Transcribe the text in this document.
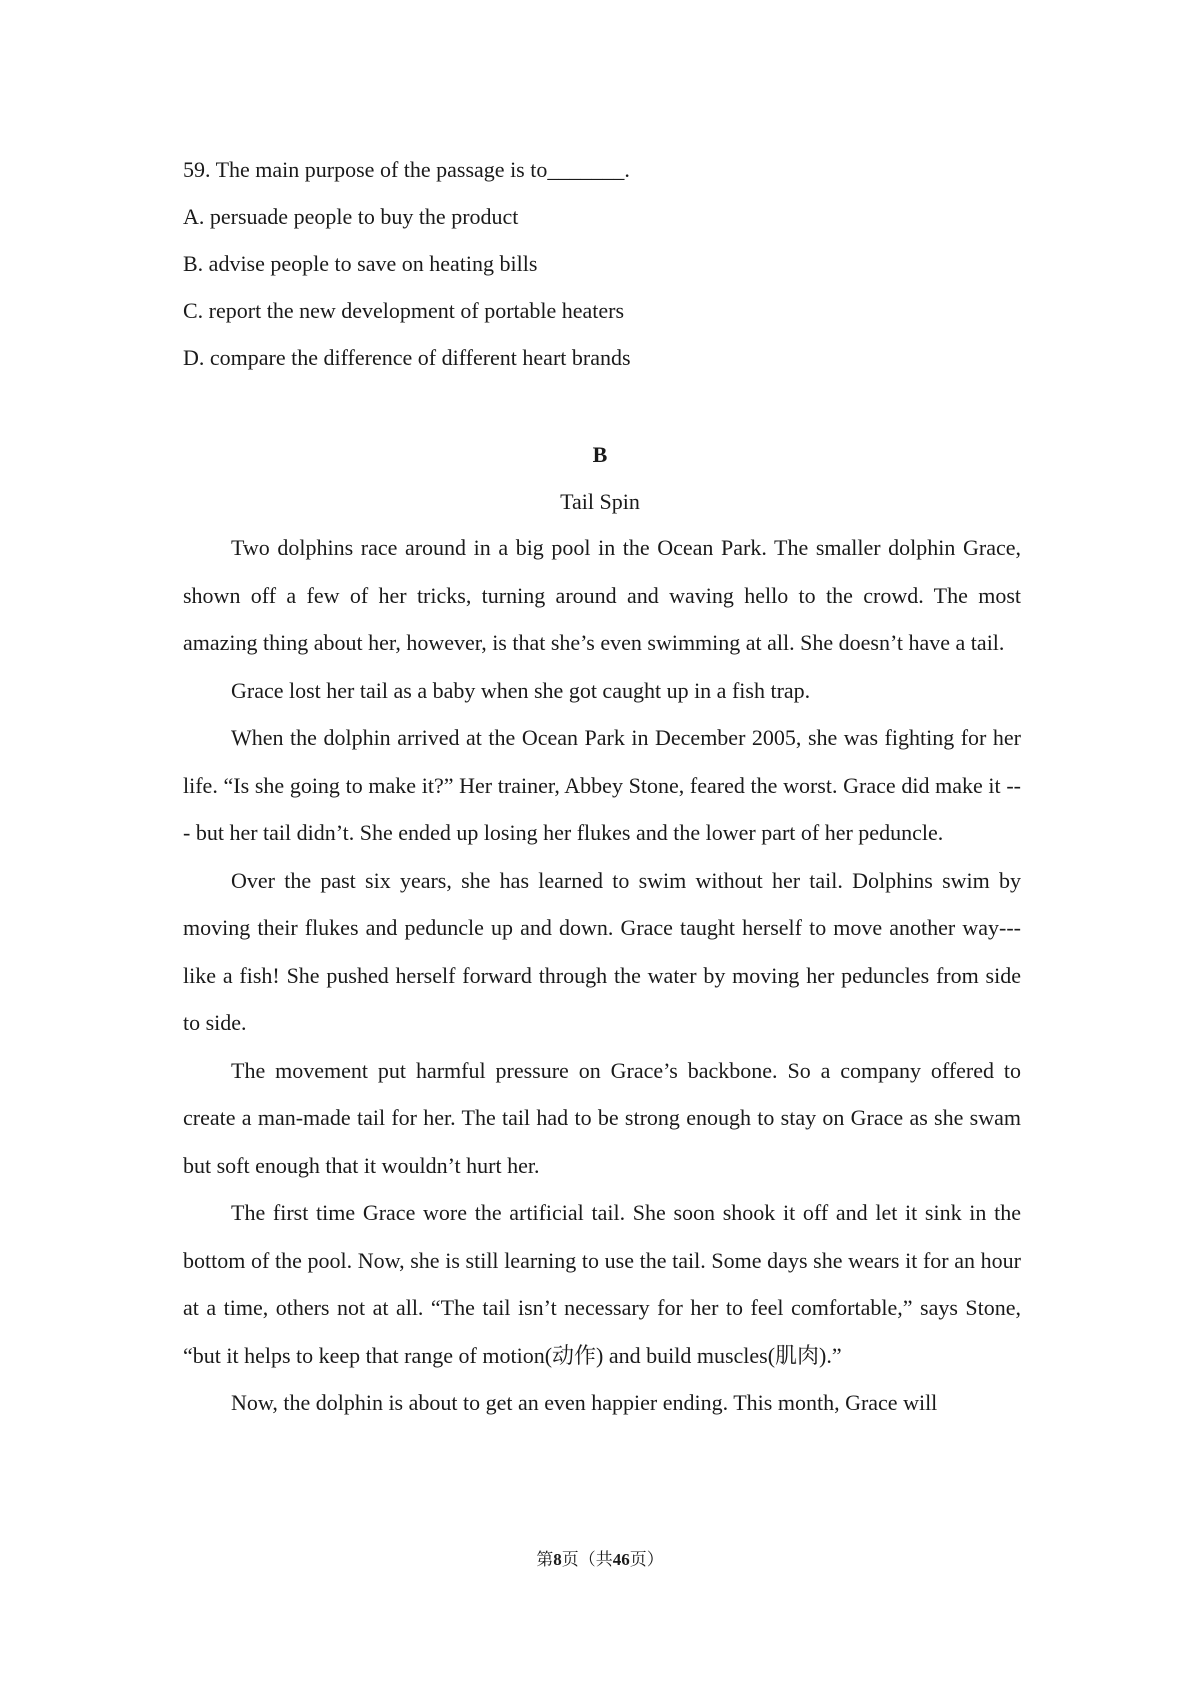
59. The main purpose of the passage is to_______.
A. persuade people to buy the product
B. advise people to save on heating bills
C. report the new development of portable heaters
D. compare the difference of different heart brands
B
Tail Spin

Two dolphins race around in a big pool in the Ocean Park. The smaller dolphin Grace, shown off a few of her tricks, turning around and waving hello to the crowd. The most amazing thing about her, however, is that she’s even swimming at all. She doesn’t have a tail.

Grace lost her tail as a baby when she got caught up in a fish trap.

When the dolphin arrived at the Ocean Park in December 2005, she was fighting for her life. “Is she going to make it?” Her trainer, Abbey Stone, feared the worst. Grace did make it --- but her tail didn’t. She ended up losing her flukes and the lower part of her peduncle.

Over the past six years, she has learned to swim without her tail. Dolphins swim by moving their flukes and peduncle up and down. Grace taught herself to move another way---like a fish! She pushed herself forward through the water by moving her peduncles from side to side.

The movement put harmful pressure on Grace’s backbone. So a company offered to create a man-made tail for her. The tail had to be strong enough to stay on Grace as she swam but soft enough that it wouldn’t hurt her.

The first time Grace wore the artificial tail. She soon shook it off and let it sink in the bottom of the pool. Now, she is still learning to use the tail. Some days she wears it for an hour at a time, others not at all. “The tail isn’t necessary for her to feel comfortable,” says Stone, “but it helps to keep that range of motion(动作) and build muscles(肌肉).”

Now, the dolphin is about to get an even happier ending. This month, Grace will

第8页（共46页）
